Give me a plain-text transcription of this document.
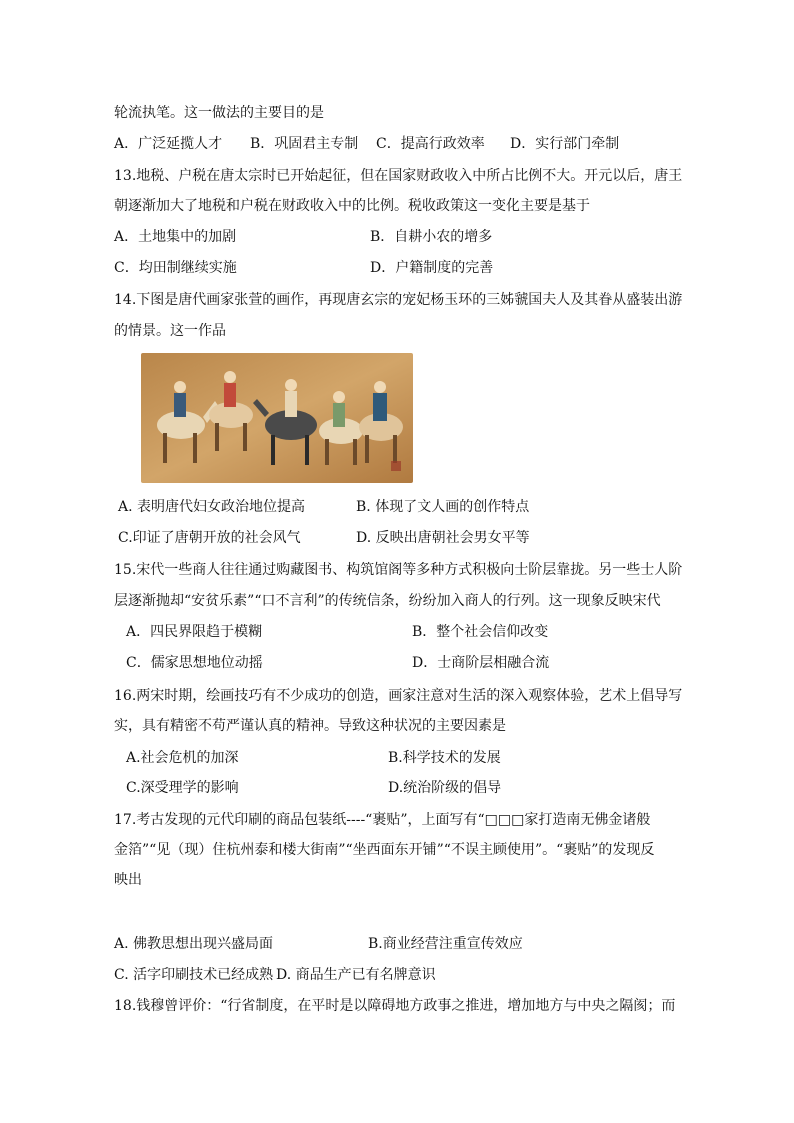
轮流执笔。这一做法的主要目的是
A．广泛延揽人才 B．巩固君主专制 C．提高行政效率 D．实行部门牵制
13.地税、户税在唐太宗时已开始起征，但在国家财政收入中所占比例不大。开元以后，唐王
朝逐渐加大了地税和户税在财政收入中的比例。税收政策这一变化主要是基于
A．土地集中的加剧	B．自耕小农的增多
C．均田制继续实施	D．户籍制度的完善
14.下图是唐代画家张萱的画作，再现唐玄宗的宠妃杨玉环的三姊虢国夫人及其眷从盛装出游
的情景。这一作品
A. 表明唐代妇女政治地位提高	B. 体现了文人画的创作特点
C.印证了唐朝开放的社会风气	D. 反映出唐朝社会男女平等
15.宋代一些商人往往通过购藏图书、构筑馆阁等多种方式积极向士阶层靠拢。另一些士人阶
层逐渐抛却“安贫乐素”“口不言利”的传统信条，纷纷加入商人的行列。这一现象反映宋代
A．四民界限趋于模糊	B．整个社会信仰改变
C．儒家思想地位动摇	D．士商阶层相融合流
16.两宋时期，绘画技巧有不少成功的创造，画家注意对生活的深入观察体验，艺术上倡导写
实，具有精密不苟严谨认真的精神。导致这种状况的主要因素是
A.社会危机的加深	B.科学技术的发展
C.深受理学的影响	D.统治阶级的倡导
17.考古发现的元代印刷的商品包装纸----“裹贴”，上面写有“□□□家打造南无佛金诸般
金箔”“见（现）住杭州泰和楼大街南”“坐西面东开铺”“不误主顾使用”。“裹贴”的发现反
映出
A. 佛教思想出现兴盛局面	B.商业经营注重宣传效应
C. 活字印刷技术已经成熟 D. 商品生产已有名牌意识
18.钱穆曾评价：“行省制度，在平时是以障碍地方政事之推进，增加地方与中央之隔阂；而
